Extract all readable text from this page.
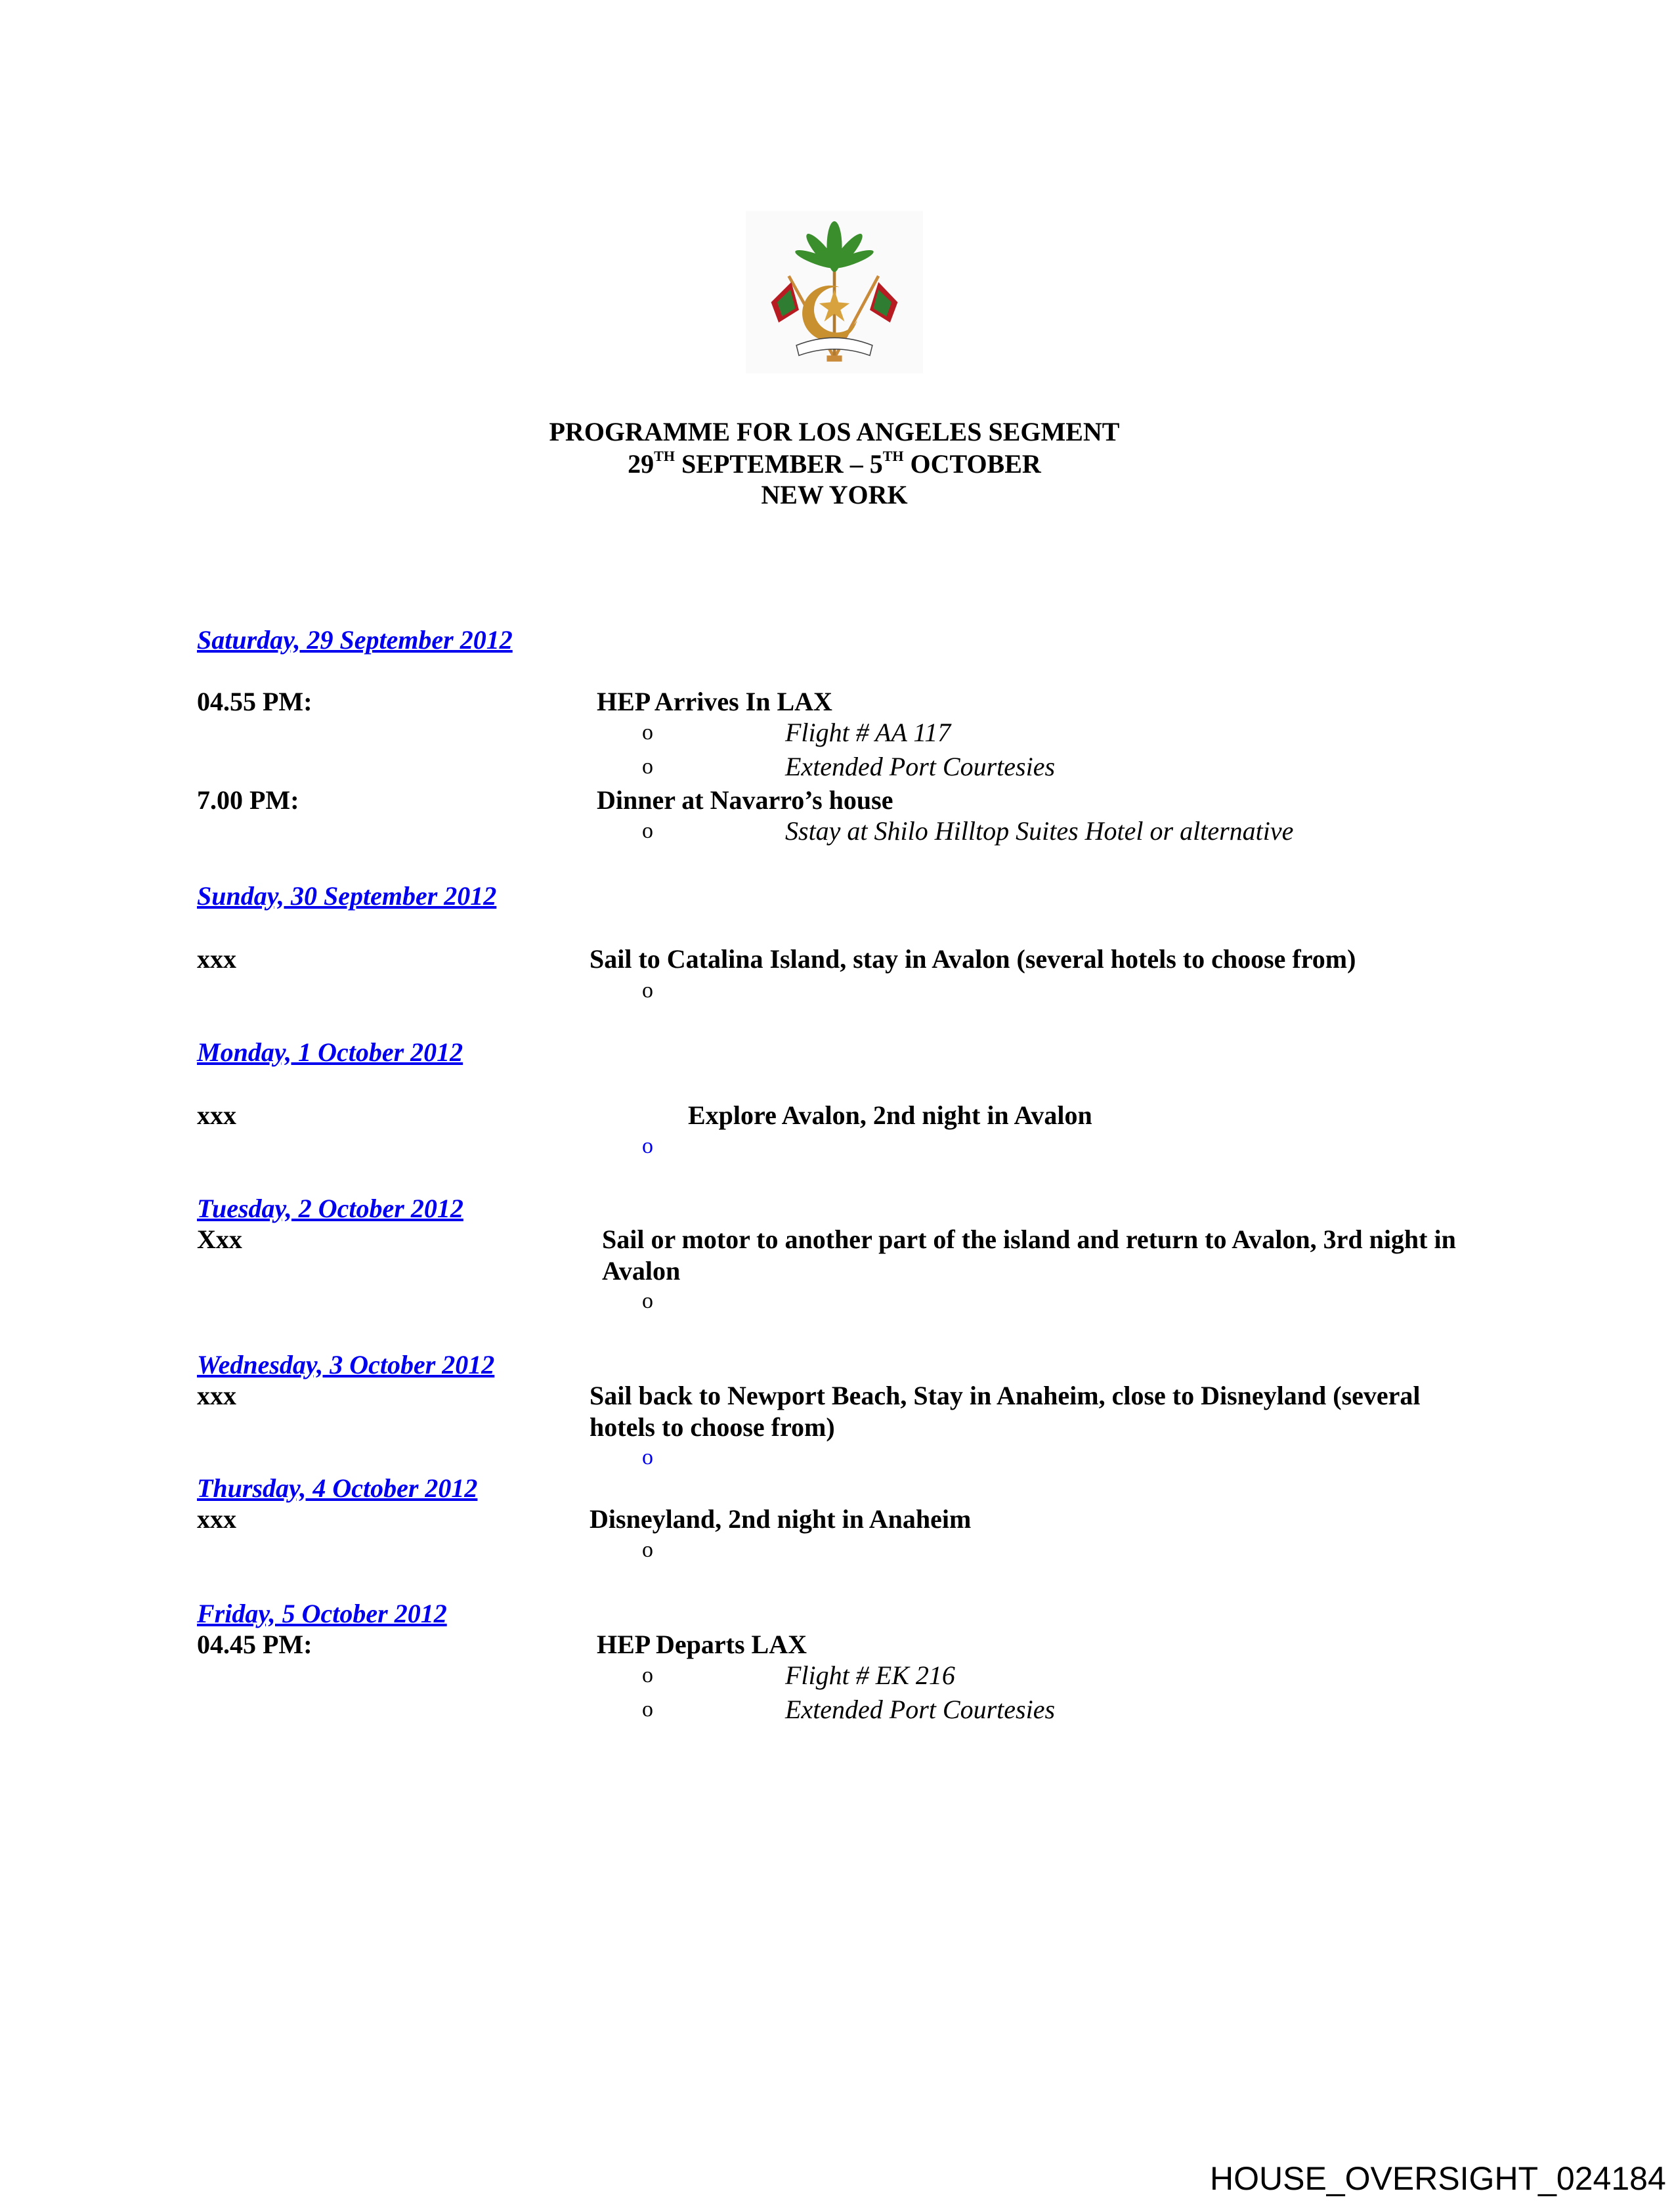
PROGRAMME FOR LOS ANGELES SEGMENT
29TH SEPTEMBER – 5TH OCTOBER
NEW YORK
Saturday, 29 September 2012
04.55 PM:	HEP Arrives In LAX
o	Flight # AA 117
o	Extended Port Courtesies
7.00 PM:	Dinner at Navarro’s house
o	Sstay at Shilo Hilltop Suites Hotel or alternative
Sunday, 30 September 2012
xxx	Sail to Catalina Island, stay in Avalon (several hotels to choose from)
o
Monday, 1 October 2012
xxx	Explore Avalon, 2nd night in Avalon
o
Tuesday, 2 October 2012
Xxx	Sail or motor to another part of the island and return to Avalon, 3rd night in Avalon
o
Wednesday, 3 October 2012
xxx	Sail back to Newport Beach, Stay in Anaheim, close to Disneyland (several hotels to choose from)
o
Thursday, 4 October 2012
xxx	Disneyland, 2nd night in Anaheim
o
Friday, 5 October 2012
04.45 PM:	HEP Departs LAX
o	Flight # EK 216
o	Extended Port Courtesies
HOUSE_OVERSIGHT_024184
